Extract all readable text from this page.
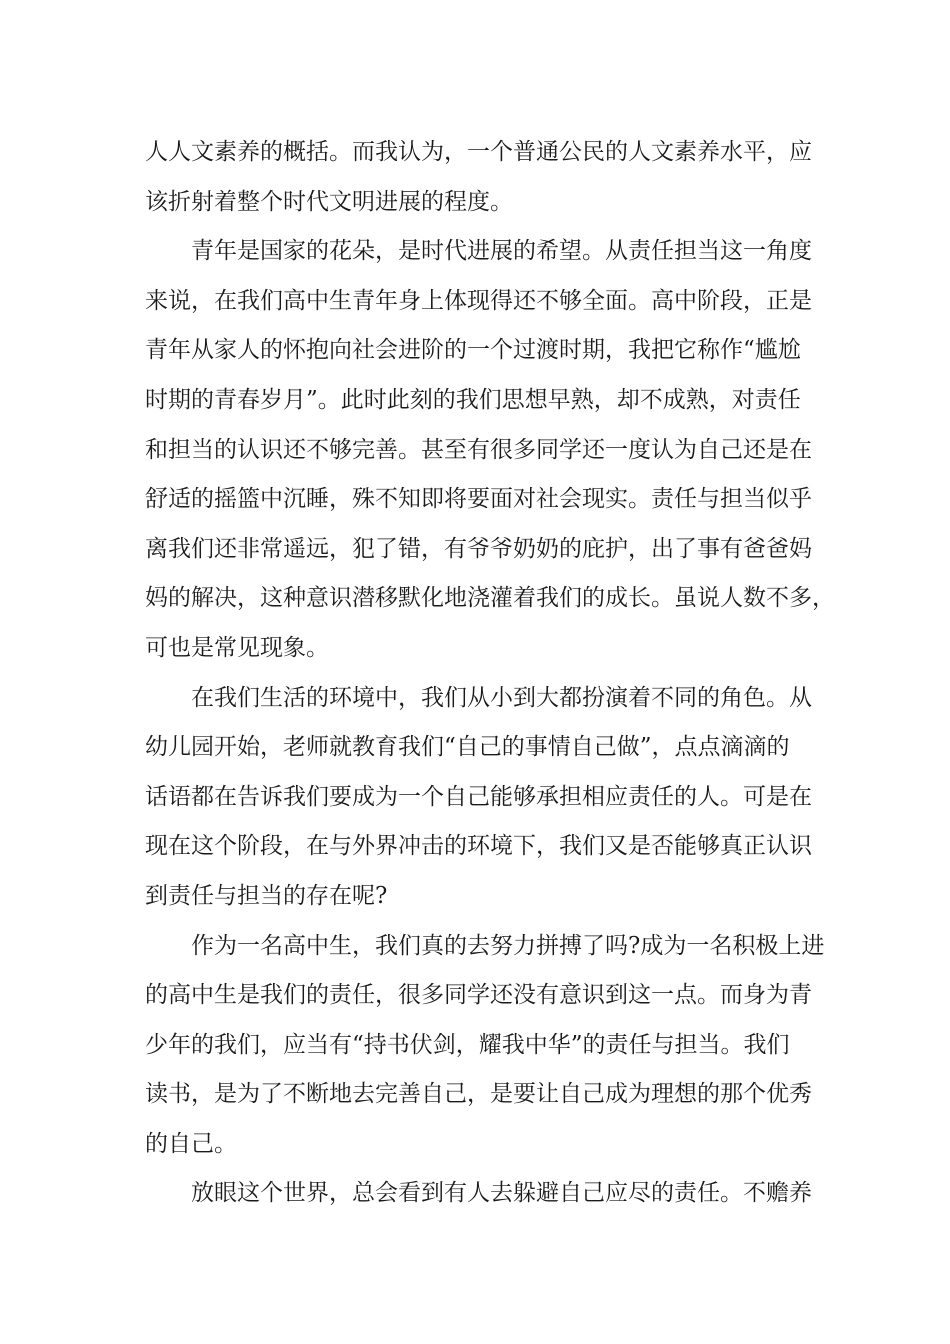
人人文素养的概括。而我认为，一个普通公民的人文素养水平，应
该折射着整个时代文明进展的程度。
青年是国家的花朵，是时代进展的希望。从责任担当这一角度
来说，在我们高中生青年身上体现得还不够全面。高中阶段，正是
青年从家人的怀抱向社会进阶的一个过渡时期，我把它称作“尴尬
时期的青春岁月”。此时此刻的我们思想早熟，却不成熟，对责任
和担当的认识还不够完善。甚至有很多同学还一度认为自己还是在
舒适的摇篮中沉睡，殊不知即将要面对社会现实。责任与担当似乎
离我们还非常遥远，犯了错，有爷爷奶奶的庇护，出了事有爸爸妈
妈的解决，这种意识潜移默化地浇灌着我们的成长。虽说人数不多，
可也是常见现象。
在我们生活的环境中，我们从小到大都扮演着不同的角色。从
幼儿园开始，老师就教育我们“自己的事情自己做”，点点滴滴的
话语都在告诉我们要成为一个自己能够承担相应责任的人。可是在
现在这个阶段，在与外界冲击的环境下，我们又是否能够真正认识
到责任与担当的存在呢?
作为一名高中生，我们真的去努力拼搏了吗?成为一名积极上进
的高中生是我们的责任，很多同学还没有意识到这一点。而身为青
少年的我们，应当有“持书伏剑，耀我中华”的责任与担当。我们
读书，是为了不断地去完善自己，是要让自己成为理想的那个优秀
的自己。
放眼这个世界，总会看到有人去躲避自己应尽的责任。不赡养
